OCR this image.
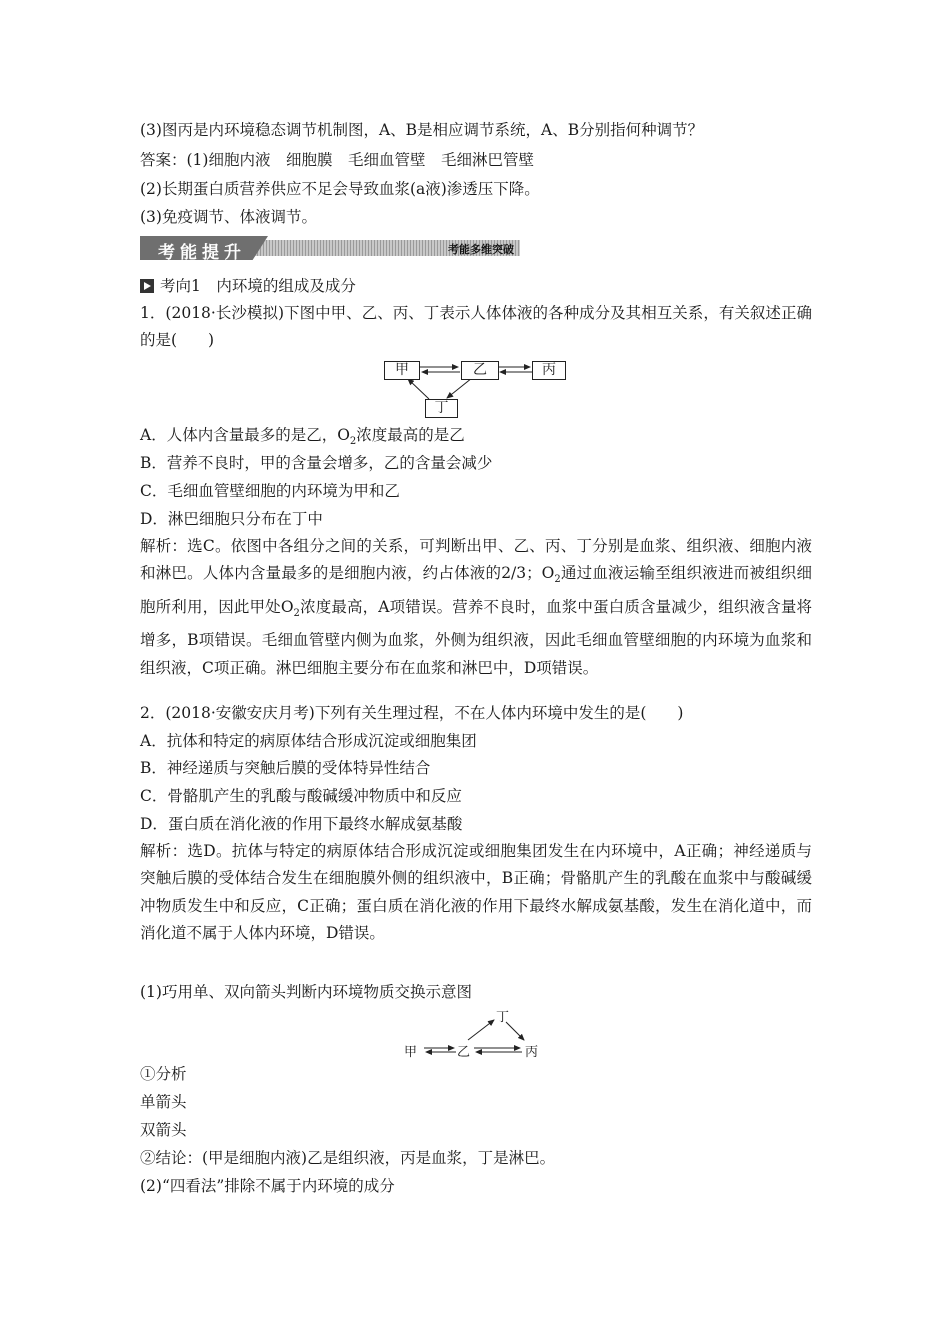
(3)图丙是内环境稳态调节机制图，A、B是相应调节系统，A、B分别指何种调节？
答案：(1)细胞内液　细胞膜　毛细血管壁　毛细淋巴管壁
(2)长期蛋白质营养供应不足会导致血浆(a液)渗透压下降。
(3)免疫调节、体液调节。
考能提升	考能多维突破
考向1　内环境的组成及成分
1．(2018·长沙模拟)下图中甲、乙、丙、丁表示人体体液的各种成分及其相互关系，有关叙述正确的是(　　)
甲	乙	丙
丁
A．人体内含量最多的是乙，$O_2$浓度最高的是乙
B．营养不良时，甲的含量会增多，乙的含量会减少
C．毛细血管壁细胞的内环境为甲和乙
D．淋巴细胞只分布在丁中
解析：选C。依图中各组分之间的关系，可判断出甲、乙、丙、丁分别是血浆、组织液、细胞内液和淋巴。人体内含量最多的是细胞内液，约占体液的2/3；$O_2$通过血液运输至组织液进而被组织细胞所利用，因此甲处$O_2$浓度最高，A项错误。营养不良时，血浆中蛋白质含量减少，组织液含量将增多，B项错误。毛细血管壁内侧为血浆，外侧为组织液，因此毛细血管壁细胞的内环境为血浆和组织液，C项正确。淋巴细胞主要分布在血浆和淋巴中，D项错误。
2．(2018·安徽安庆月考)下列有关生理过程，不在人体内环境中发生的是(　　)
A．抗体和特定的病原体结合形成沉淀或细胞集团
B．神经递质与突触后膜的受体特异性结合
C．骨骼肌产生的乳酸与酸碱缓冲物质中和反应
D．蛋白质在消化液的作用下最终水解成氨基酸
解析：选D。抗体与特定的病原体结合形成沉淀或细胞集团发生在内环境中，A正确；神经递质与突触后膜的受体结合发生在细胞膜外侧的组织液中，B正确；骨骼肌产生的乳酸在血浆中与酸碱缓冲物质发生中和反应，C正确；蛋白质在消化液的作用下最终水解成氨基酸，发生在消化道中，而消化道不属于人体内环境，D错误。
(1)巧用单、双向箭头判断内环境物质交换示意图
甲	乙	丙
丁
①分析
单箭头
双箭头
②结论：(甲是细胞内液)乙是组织液，丙是血浆，丁是淋巴。
(2)“四看法”排除不属于内环境的成分
